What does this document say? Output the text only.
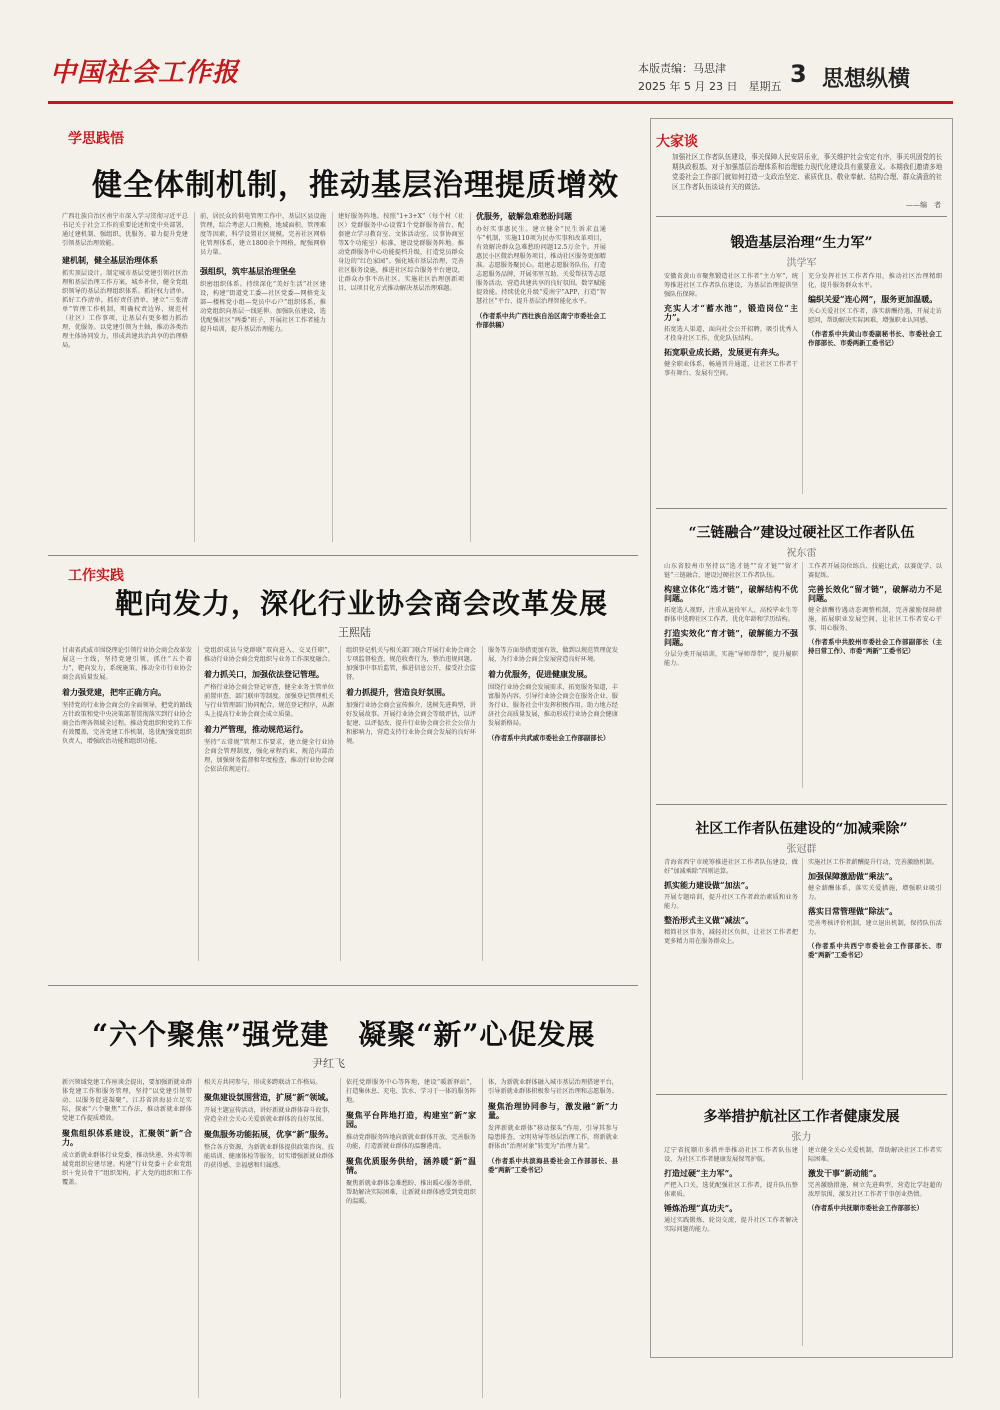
中国社会工作报	本版责编：马思津
2025 年 5 月 23 日　星期五 3 思想纵横
学思践悟
健全体制机制，推动基层治理提质增效
广西壮族自治区南宁市深入学习贯彻习近平总书记关于社会工作的重要论述和党中央部署，通过建机制、强组织、优服务，着力提升党建引领基层治理效能。
建机制，健全基层治理体系
抓实顶层设计。制定城市基层党建引领社区治理和基层治理工作方案，城乡补位，健全党组织领导的基层治理组织体系。抓好权力清单。抓好工作清单。抓好责任清单，建立“三张清单”管理工作机制，明确权责边界，规范村（社区）工作事项，让基层有更多精力抓治理、优服务。以党建引领为主轴，推动各类治理主体协同发力，形成共建共治共享的治理格局。
前，居民众的供电管理工作中，基层区县设施管理，综合考虑人口规模、地域面积、管理难度等因素，科学设置社区规模。完善社区网格化管理体系，建立1800余个网格，配强网格员力量。
强组织，筑牢基层治理堡垒
织密组织体系。持续深化“美好生活”社区建设，构建“街道党工委—社区党委—网格党支部—楼栋党小组—党员中心户”组织体系，推动党组织向基层一线延伸。加强队伍建设，选优配强社区“两委”班子，开展社区工作者能力提升培训，提升基层治理能力。
建好服务阵地。按照“1+3+X”（每个村（社区）党群服务中心设置1个党群服务前台、配套建立学习教育室、文体活动室、议事协商室等X个功能室）标准，建设党群服务阵地。推动党群服务中心功能提档升级，打造党员群众身边的“红色家园”。强化城市基层治理，完善社区服务设施，推进社区综合服务平台建设，让群众办事不出社区。实施社区治理创新项目，以项目化方式推动解决基层治理难题。
优服务，破解急难愁盼问题
办好实事惠民生。建立健全“民生诉求直通车”机制，实施110项为民办实事和改革项目，有效解决群众急难愁盼问题12.5万余个。开展惠民小区微治理服务项目，推动社区服务更加精准。志愿服务聚民心。组建志愿服务队伍，打造志愿服务品牌，开展邻里互助、关爱帮扶等志愿服务活动，营造共建共享的良好氛围。数字赋能提效能。持续优化升级“爱南宁”APP，打造“智慧社区”平台，提升基层治理智能化水平。
（作者系中共广西壮族自治区南宁市委社会工作部供稿）
工作实践
靶向发力，深化行业协会商会改革发展
王熙陆
甘肃省武威市围绕理论引领行业协会商会改革发展这一主线，坚持党建引领、抓住“五个着力”，靶向发力，系统施策，推动全市行业协会商会高质量发展。
着力强党建，把牢正确方向。
坚持党的行业协会商会的全面领导，把党的路线方针政策和党中央决策部署贯彻落实到行业协会商会治理各领域全过程。推动党组织和党的工作有效覆盖，完善党建工作机制，选优配强党组织负责人，增强政治功能和组织功能。
党组织成员与党群联“双向进入、交叉任职”，推动行业协会商会党组织与业务工作深度融合。
着力抓关口，加强依法登记管理。
严格行业协会商会登记审查，健全业务主管单位前置审查、部门联审等制度。加强登记管理机关与行业管理部门协同配合，规范登记程序，从源头上提高行业协会商会成立质量。
着力严管理，推动规范运行。
坚持“五常规”管理工作要求，建立健全行业协会商会管理制度，强化章程约束，规范内部治理，加强财务监督和年度检查，推动行业协会商会依法依规运行。
组织登记机关与相关部门联合开展行业协会商会专项监督检查，规范收费行为，整治违规问题。加强事中事后监管，推进信息公开，接受社会监督。
着力抓提升，营造良好氛围。
加强行业协会商会宣传推介，选树先进典型，讲好发展故事。开展行业协会商会等级评估，以评促建、以评促改，提升行业协会商会社会公信力和影响力，营造支持行业协会商会发展的良好环境。
服务等方面举措更加有效，做到以规范管理促发展，为行业协会商会发展营造良好环境。
着力优服务，促进健康发展。
围绕行业协会商会发展需求，拓宽服务渠道，丰富服务内容，引导行业协会商会在服务企业、服务行业、服务社会中发挥积极作用，助力地方经济社会高质量发展，推动形成行业协会商会健康发展新格局。
（作者系中共武威市委社会工作部副部长）
“六个聚焦”强党建　凝聚“新”心促发展
尹红飞
新兴领域党建工作座谈会提出，要加强新就业群体党建工作和服务管理，坚持“以党建引领带动、以服务促进凝聚”。江苏省滨海县立足实际，探索“六个聚焦”工作法，推动新就业群体党建工作提质增效。
聚焦组织体系建设，汇聚领“新”合力。
成立新就业群体行业党委，推动快递、外卖等领域党组织应建尽建。构建“行业党委＋企业党组织＋党员骨干”组织架构，扩大党的组织和工作覆盖。
相关方共同参与，形成多跨联动工作格局。
聚焦建设氛围营造，扩展“新”领域。
开展主题宣传活动，讲好新就业群体奋斗故事，营造全社会关心关爱新就业群体的良好氛围。
聚焦服务功能拓展，优享“新”服务。
整合各方资源，为新就业群体提供政策咨询、技能培训、健康体检等服务，切实增强新就业群体的获得感、幸福感和归属感。
依托党群服务中心等阵地，建设“暖新驿站”，打造集休息、充电、饮水、学习于一体的服务阵地。
聚焦平台阵地打造，构建室“新”家园。
推动党群服务阵地向新就业群体开放，完善服务功能，打造新就业群体的温馨港湾。
聚焦优质服务供给，涵养暖“新”温情。
聚焦新就业群体急难愁盼，推出暖心服务举措，帮助解决实际困难，让新就业群体感受到党组织的温暖。
体，为新就业群体融入城市基层治理搭建平台，引导新就业群体积极参与社区治理和志愿服务。
聚焦治理协同参与，激发融“新”力量。
发挥新就业群体“移动探头”作用，引导其参与隐患排查、文明劝导等基层治理工作，将新就业群体由“治理对象”转变为“治理力量”。
（作者系中共滨海县委社会工作部部长、县委“两新”工委书记）
大家谈
加强社区工作者队伍建设，事关保障人民安居乐业，事关维护社会安定有序，事关巩固党的长期执政根基。对于加强基层治理体系和治理能力现代化建设具有重要意义。本期我们邀请多地党委社会工作部门就如何打造一支政治坚定、素质优良、敬业奉献、结构合理、群众满意的社区工作者队伍谈谈有关的做法。
——编　者
锻造基层治理“生力军”
洪学军
安徽省黄山市聚焦锻造社区工作者“主力军”，统筹推进社区工作者队伍建设，为基层治理提供坚强队伍保障。
充实人才“蓄水池”，锻造岗位“主力”。
拓宽选人渠道，面向社会公开招聘，吸引优秀人才投身社区工作，优化队伍结构。
拓宽职业成长路，发展更有奔头。
健全职业体系，畅通晋升通道，让社区工作者干事有舞台、发展有空间。
充分发挥社区工作者作用，推动社区治理精细化，提升服务群众水平。
编织关爱“连心网”，服务更加温暖。
关心关爱社区工作者，落实薪酬待遇，开展走访慰问，帮助解决实际困难，增强职业认同感。
（作者系中共黄山市委副秘书长、市委社会工作部部长、市委两新工委书记）
“三链融合”建设过硬社区工作者队伍
祝东雷
山东省胶州市坚持以“选才链”“育才链”“留才链”三链融合，建设过硬社区工作者队伍。
构建立体化“选才链”，破解结构不优问题。
拓宽选人视野，注重从退役军人、高校毕业生等群体中选聘社区工作者，优化年龄和学历结构。
打造实效化“育才链”，破解能力不强问题。
分层分类开展培训，实施“导师帮带”，提升履职能力。
工作者开展岗位练兵、技能比武，以赛促学、以赛促练。
完善长效化“留才链”，破解动力不足问题。
健全薪酬待遇动态调整机制，完善激励保障措施，拓展职业发展空间，让社区工作者安心干事、用心服务。
（作者系中共胶州市委社会工作部副部长（主持日常工作）、市委“两新”工委书记）
社区工作者队伍建设的“加减乘除”
张冠群
青海省西宁市统筹推进社区工作者队伍建设，做好“加减乘除”四则运算。
抓实能力建设做“加法”。
开展专题培训，提升社区工作者政治素质和业务能力。
整治形式主义做“减法”。
精简社区事务，减轻社区负担，让社区工作者把更多精力用在服务群众上。
实施社区工作者薪酬提升行动，完善激励机制。
加强保障激励做“乘法”。
健全薪酬体系，落实关爱措施，增强职业吸引力。
落实日常管理做“除法”。
完善考核评价机制，建立退出机制，保持队伍活力。
（作者系中共西宁市委社会工作部部长、市委“两新”工委书记）
多举措护航社区工作者健康发展
张力
辽宁省抚顺市多措并举推动社区工作者队伍建设，为社区工作者健康发展保驾护航。
打造过硬“主力军”。
严把入口关，选优配强社区工作者，提升队伍整体素质。
锤炼治理“真功夫”。
通过实践锻炼、轮岗交流，提升社区工作者解决实际问题的能力。
建立健全关心关爱机制，帮助解决社区工作者实际困难。
激发干事“新动能”。
完善激励措施，树立先进典型，营造比学赶超的浓厚氛围，激发社区工作者干事创业热情。
（作者系中共抚顺市委社会工作部部长）
